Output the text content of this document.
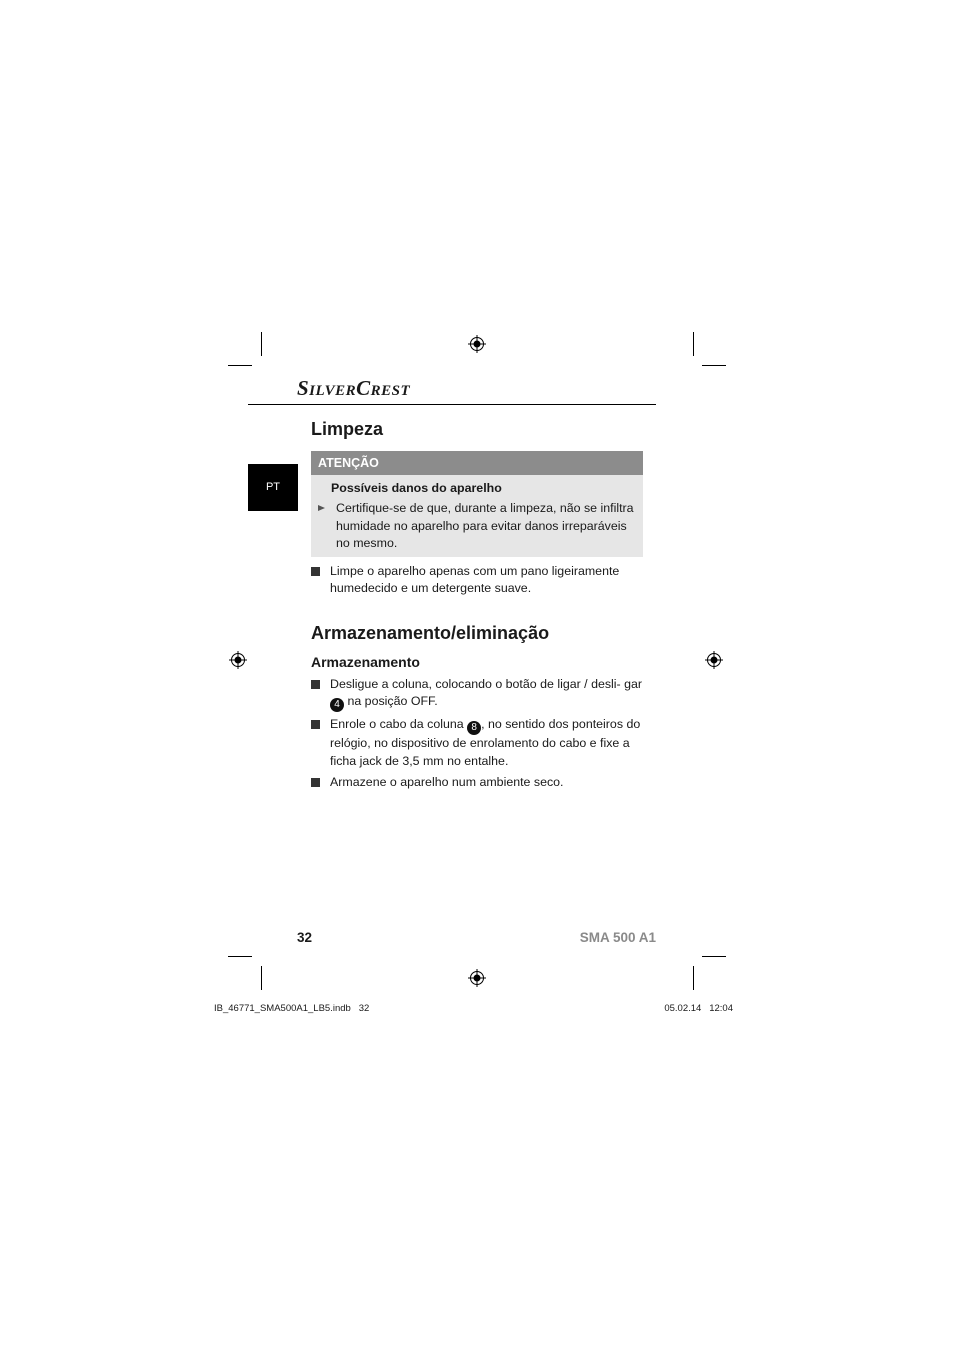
SilverCrest
PT
Limpeza
ATENÇÃO
Possíveis danos do aparelho
Certifique-se de que, durante a limpeza, não se infiltra humidade no aparelho para evitar danos irreparáveis no mesmo.
Limpe o aparelho apenas com um pano ligeiramente humedecido e um detergente suave.
Armazenamento/eliminação
Armazenamento
Desligue a coluna, colocando o botão de ligar / desli- gar 4 na posição OFF.
Enrole o cabo da coluna 8 , no sentido dos ponteiros do relógio, no dispositivo de enrolamento do cabo e fixe a ficha jack de 3,5 mm no entalhe.
Armazene o aparelho num ambiente seco.
32	SMA 500 A1
IB_46771_SMA500A1_LB5.indb   32	05.02.14   12:04
